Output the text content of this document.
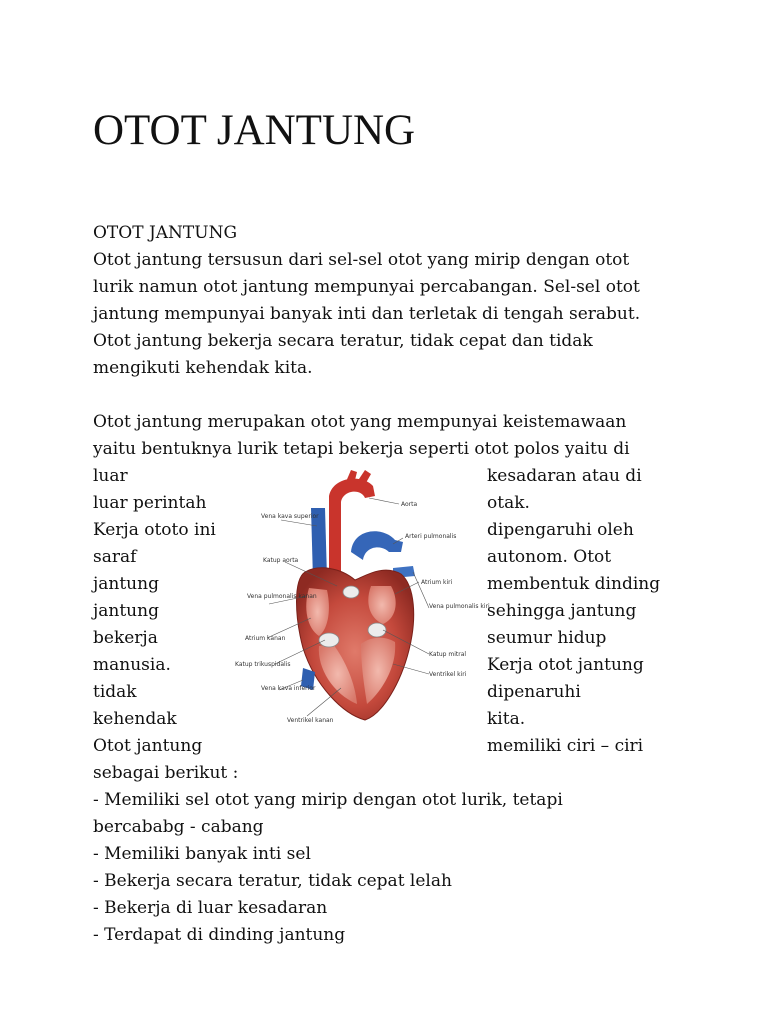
OTOT JANTUNG

OTOT JANTUNG

Otot jantung tersusun dari sel-sel otot yang mirip dengan otot

lurik namun otot jantung mempunyai percabangan. Sel-sel otot

jantung mempunyai banyak inti dan terletak di tengah serabut.

Otot jantung bekerja secara teratur, tidak cepat dan tidak

mengikuti kehendak kita.

Otot jantung merupakan otot yang mempunyai keistemawaan

yaitu bentuknya lurik tetapi bekerja seperti otot polos yaitu di

luar
luar perintah
Kerja ototo ini
saraf
jantung
jantung
bekerja
manusia.
tidak
kehendak
Otot jantung
kesadaran atau di
otak.
dipengaruhi oleh
autonom. Otot
membentuk dinding
sehingga jantung
seumur hidup
Kerja otot jantung
dipenaruhi
kita.
memiliki ciri – ciri
Vena kava superior
Katup aorta
Vena pulmonalis kanan
Atrium kanan
Katup trikuspidalis
Vena kava inferior
Ventrikel kanan
Aorta
Arteri pulmonalis
Atrium kiri
Vena pulmonalis kiri
Katup mitral
Ventrikel kiri

sebagai berikut :

- Memiliki sel otot yang mirip dengan otot lurik, tetapi

bercababg - cabang

- Memiliki banyak inti sel

- Bekerja secara teratur, tidak cepat lelah

- Bekerja di luar kesadaran

- Terdapat di dinding jantung
